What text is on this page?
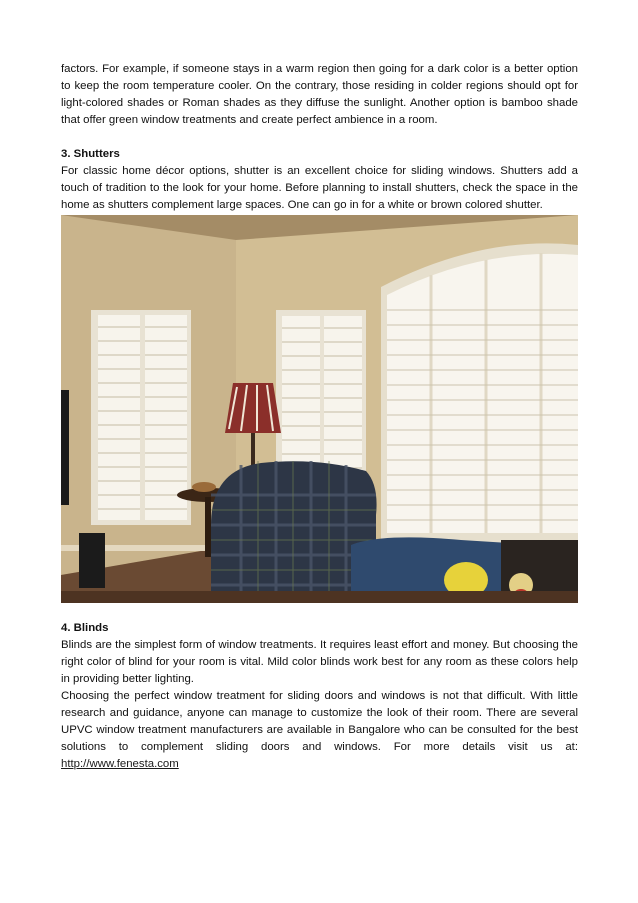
factors. For example, if someone stays in a warm region then going for a dark color is a better option to keep the room temperature cooler. On the contrary, those residing in colder regions should opt for light-colored shades or Roman shades as they diffuse the sunlight. Another option is bamboo shade that offer green window treatments and create perfect ambience in a room.

3. Shutters

For classic home décor options, shutter is an excellent choice for sliding windows. Shutters add a touch of tradition to the look for your home. Before planning to install shutters, check the space in the home as shutters complement large spaces. One can go in for a white or brown colored shutter.

4. Blinds

Blinds are the simplest form of window treatments. It requires least effort and money. But choosing the right color of blind for your room is vital. Mild color blinds work best for any room as these colors help in providing better lighting.

Choosing the perfect window treatment for sliding doors and windows is not that difficult. With little research and guidance, anyone can manage to customize the look of their room. There are several UPVC window treatment manufacturers are available in Bangalore who can be consulted for the best solutions to complement sliding doors and windows. For more details visit us at: http://www.fenesta.com
